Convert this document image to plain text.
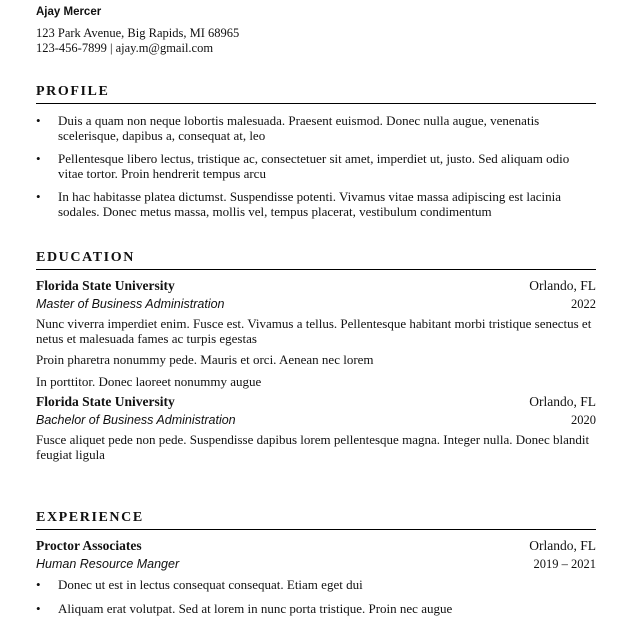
Ajay Mercer
123 Park Avenue, Big Rapids, MI 68965
123-456-7899 | ajay.m@gmail.com
PROFILE
• Duis a quam non neque lobortis malesuada. Praesent euismod. Donec nulla augue, venenatis scelerisque, dapibus a, consequat at, leo
• Pellentesque libero lectus, tristique ac, consectetuer sit amet, imperdiet ut, justo. Sed aliquam odio vitae tortor. Proin hendrerit tempus arcu
• In hac habitasse platea dictumst. Suspendisse potenti. Vivamus vitae massa adipiscing est lacinia sodales. Donec metus massa, mollis vel, tempus placerat, vestibulum condimentum
EDUCATION
Florida State University	Orlando, FL
Master of Business Administration	2022
Nunc viverra imperdiet enim. Fusce est. Vivamus a tellus. Pellentesque habitant morbi tristique senectus et netus et malesuada fames ac turpis egestas
Proin pharetra nonummy pede. Mauris et orci. Aenean nec lorem
In porttitor. Donec laoreet nonummy augue
Florida State University	Orlando, FL
Bachelor of Business Administration	2020
Fusce aliquet pede non pede. Suspendisse dapibus lorem pellentesque magna. Integer nulla. Donec blandit feugiat ligula
EXPERIENCE
Proctor Associates	Orlando, FL
Human Resource Manger	2019 – 2021
• Donec ut est in lectus consequat consequat. Etiam eget dui
• Aliquam erat volutpat. Sed at lorem in nunc porta tristique. Proin nec augue
